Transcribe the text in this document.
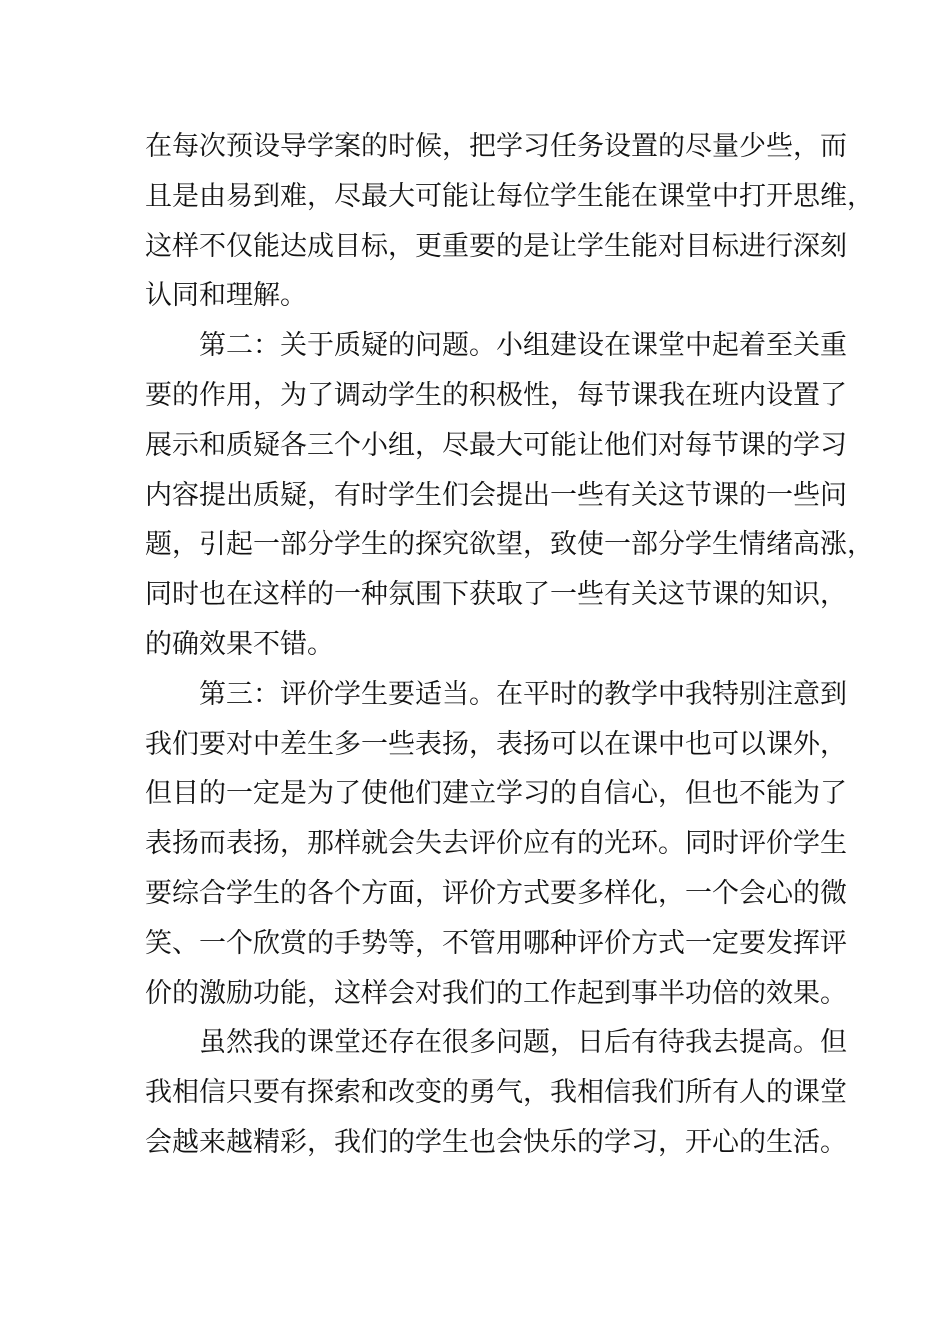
在每次预设导学案的时候，把学习任务设置的尽量少些，而
且是由易到难，尽最大可能让每位学生能在课堂中打开思维，
这样不仅能达成目标，更重要的是让学生能对目标进行深刻
认同和理解。
第二：关于质疑的问题。小组建设在课堂中起着至关重
要的作用，为了调动学生的积极性，每节课我在班内设置了
展示和质疑各三个小组，尽最大可能让他们对每节课的学习
内容提出质疑，有时学生们会提出一些有关这节课的一些问
题，引起一部分学生的探究欲望，致使一部分学生情绪高涨，
同时也在这样的一种氛围下获取了一些有关这节课的知识，
的确效果不错。
第三：评价学生要适当。在平时的教学中我特别注意到
我们要对中差生多一些表扬，表扬可以在课中也可以课外，
但目的一定是为了使他们建立学习的自信心，但也不能为了
表扬而表扬，那样就会失去评价应有的光环。同时评价学生
要综合学生的各个方面，评价方式要多样化，一个会心的微
笑、一个欣赏的手势等，不管用哪种评价方式一定要发挥评
价的激励功能，这样会对我们的工作起到事半功倍的效果。
虽然我的课堂还存在很多问题，日后有待我去提高。但
我相信只要有探索和改变的勇气，我相信我们所有人的课堂
会越来越精彩，我们的学生也会快乐的学习，开心的生活。
